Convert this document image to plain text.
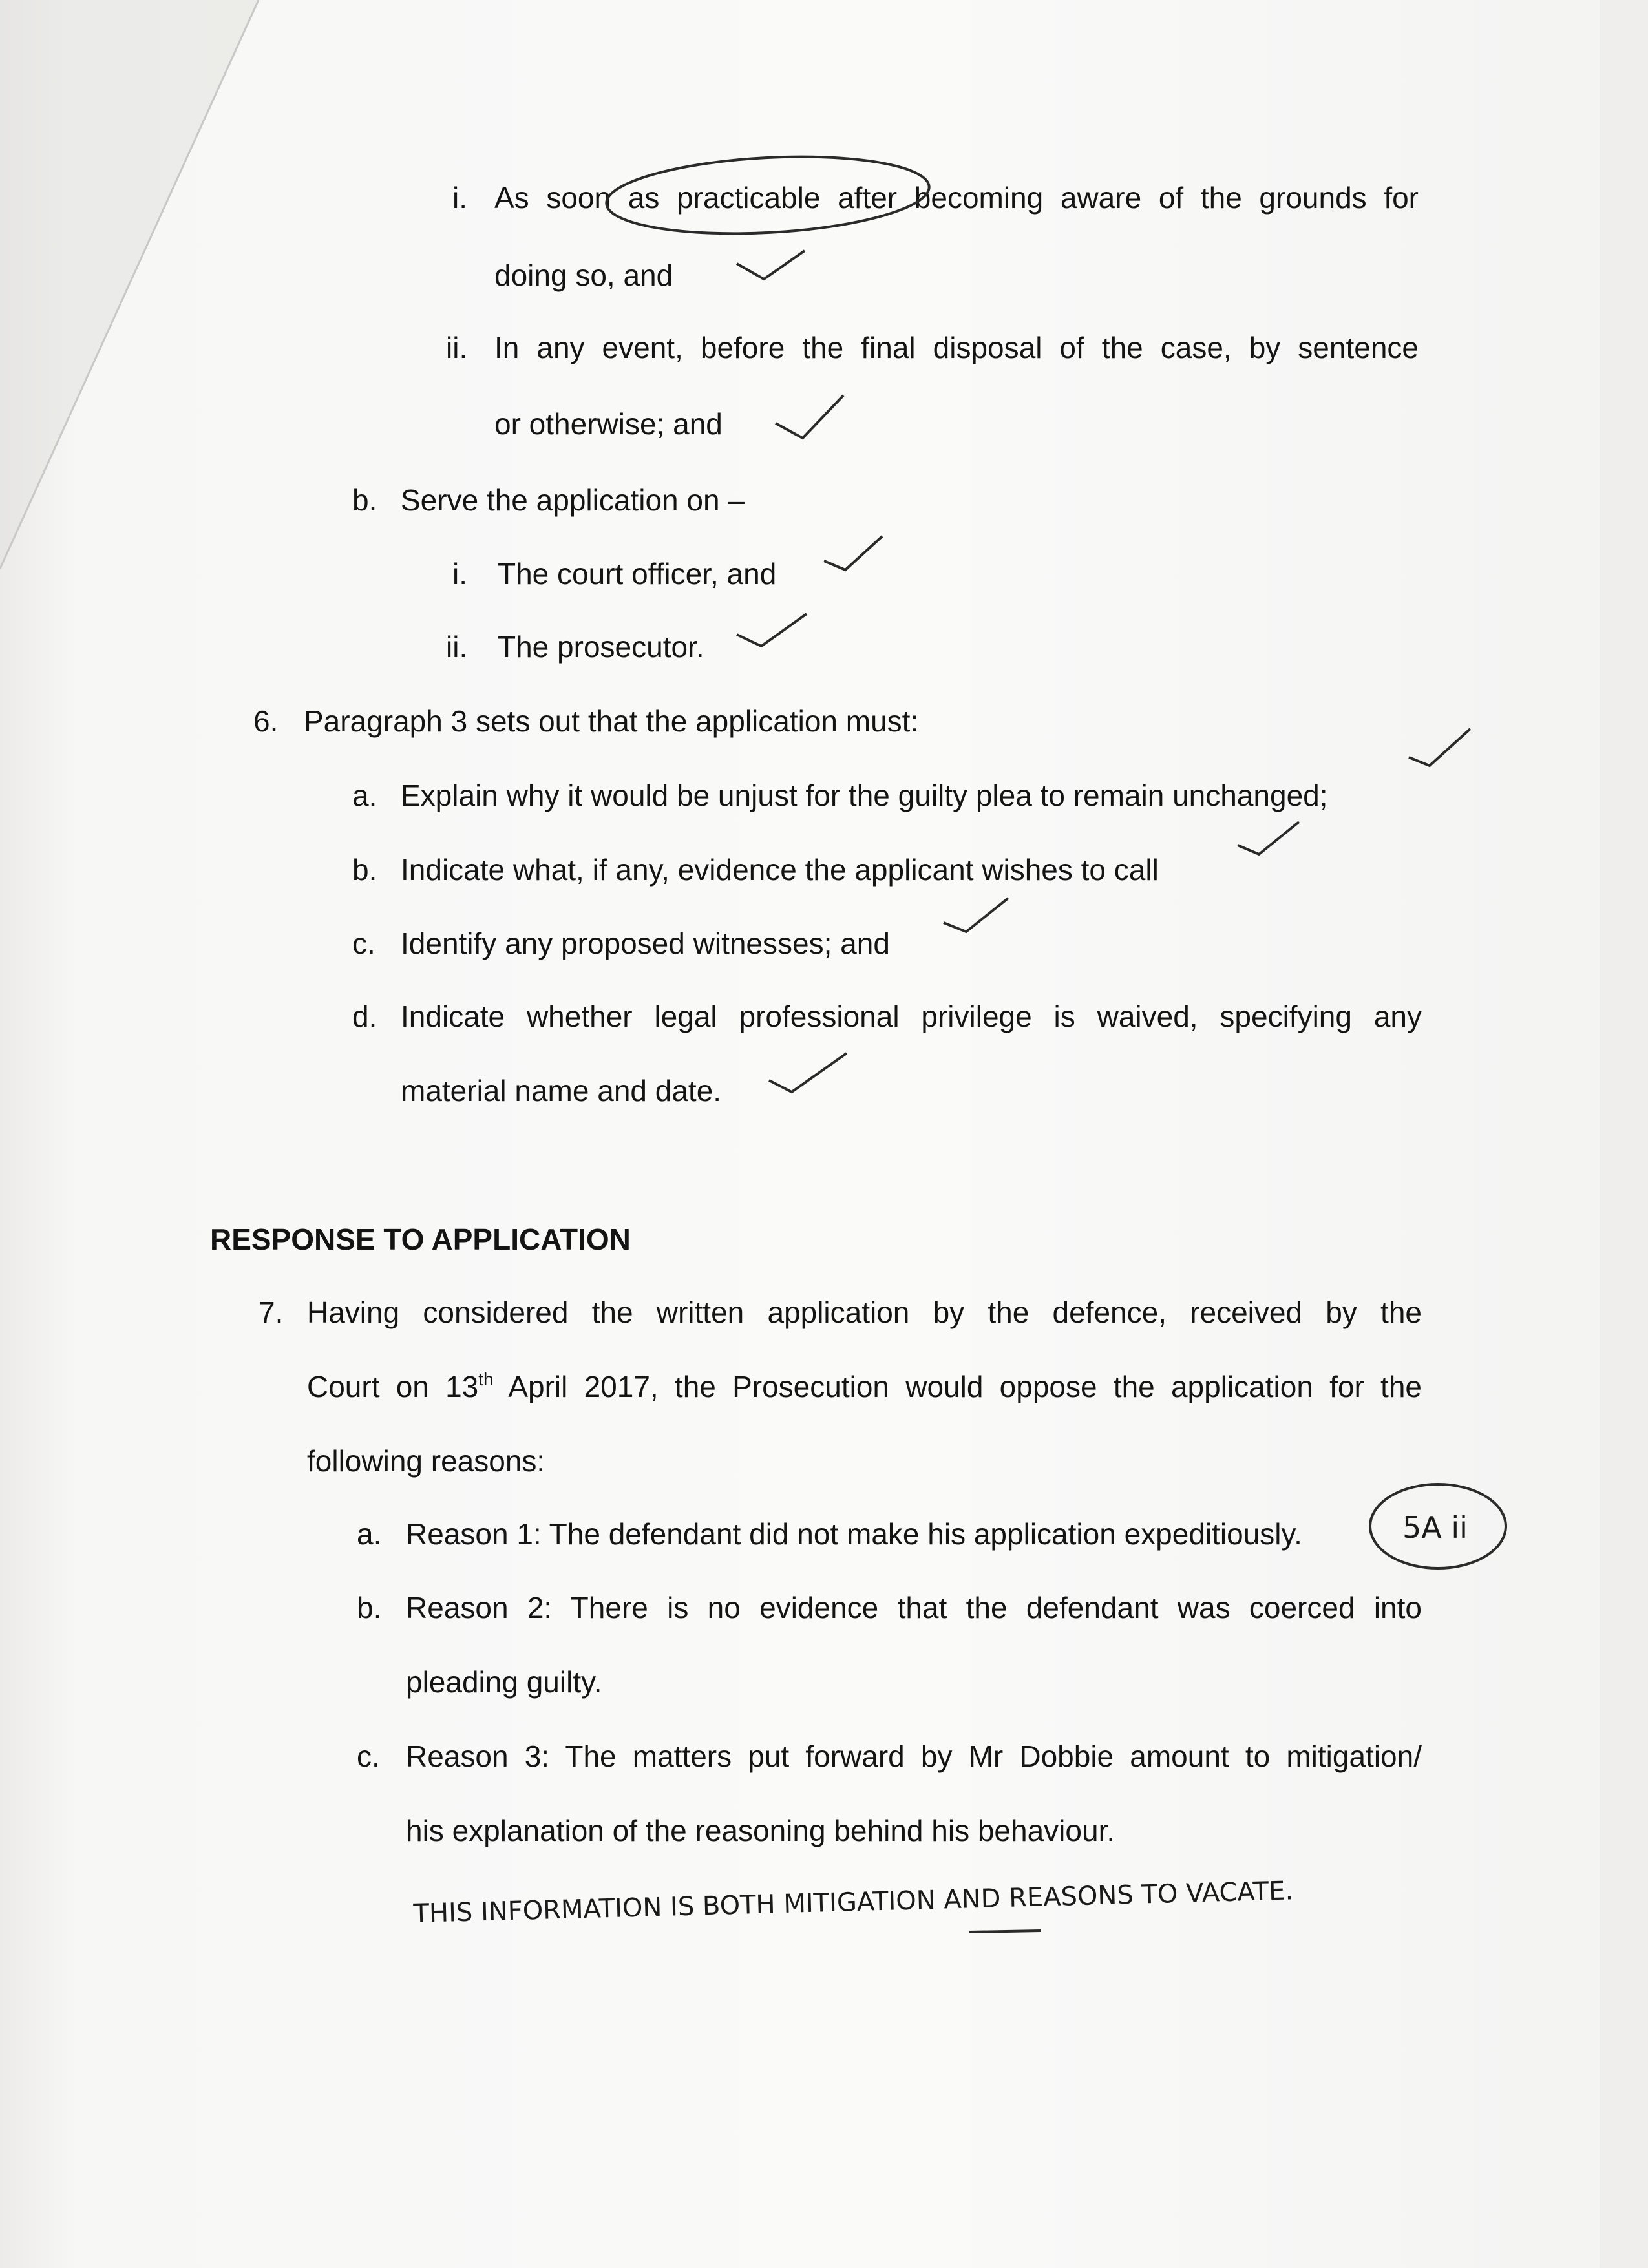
i. As soon as practicable after becoming aware of the grounds for
doing so, and
ii. In any event, before the final disposal of the case, by sentence
or otherwise; and
b. Serve the application on –
i. The court officer, and
ii. The prosecutor.
6. Paragraph 3 sets out that the application must:
a. Explain why it would be unjust for the guilty plea to remain unchanged;
b. Indicate what, if any, evidence the applicant wishes to call
c. Identify any proposed witnesses; and
d. Indicate whether legal professional privilege is waived, specifying any
material name and date.
RESPONSE TO APPLICATION
7. Having considered the written application by the defence, received by the
Court on 13th April 2017, the Prosecution would oppose the application for the
following reasons:
a. Reason 1: The defendant did not make his application expeditiously.
b. Reason 2: There is no evidence that the defendant was coerced into
pleading guilty.
c. Reason 3: The matters put forward by Mr Dobbie amount to mitigation/
his explanation of the reasoning behind his behaviour.
5A ii
THIS INFORMATION IS BOTH MITIGATION AND REASONS TO VACATE.
